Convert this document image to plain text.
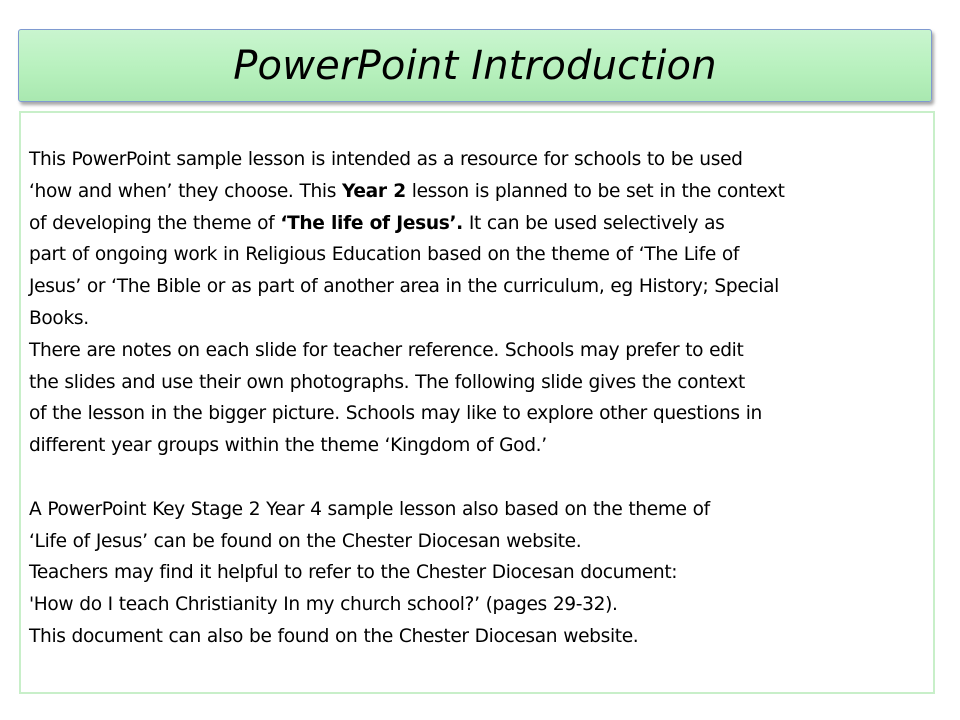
PowerPoint Introduction
This PowerPoint sample lesson is intended as a resource for schools to be used
‘how and when’ they choose. This Year 2 lesson is planned to be set in the context
of developing the theme of ‘The life of Jesus’. It can be used selectively as
part of ongoing work in Religious Education based on the theme of ‘The Life of
Jesus’ or ‘The Bible or as part of another area in the curriculum, eg History; Special
Books.
There are notes on each slide for teacher reference. Schools may prefer to edit
the slides and use their own photographs. The following slide gives the context
of the lesson in the bigger picture. Schools may like to explore other questions in
different year groups within the theme ‘Kingdom of God.’
A PowerPoint Key Stage 2 Year 4 sample lesson also based on the theme of
‘Life of Jesus’ can be found on the Chester Diocesan website.
Teachers may find it helpful to refer to the Chester Diocesan document:
'How do I teach Christianity In my church school?’ (pages 29-32).
This document can also be found on the Chester Diocesan website.
